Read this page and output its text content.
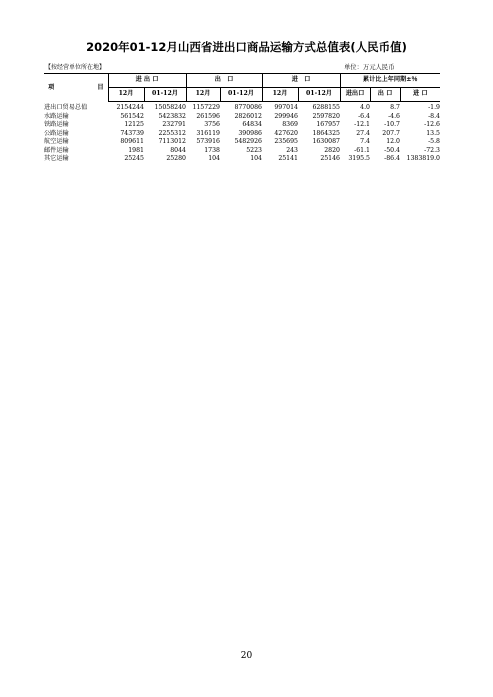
2020年01-12月山西省进出口商品运输方式总值表(人民币值)
【按经营单位所在地】	单位：万元人民币
项 目	进 出 口		出　口		进　口		累计比上年同期±％		
	12月	01-12月	12月	01-12月	12月	01-12月	进出口	出 口	进 口
进出口贸易总值	2154244	15058240	1157229	8770086	997014	6288155	4.0	8.7	-1.9
水路运输	561542	5423832	261596	2826012	299946	2597820	-6.4	-4.6	-8.4
铁路运输	12125	232791	3756	64834	8369	167957	-12.1	-10.7	-12.6
公路运输	743739	2255312	316119	390986	427620	1864325	27.4	207.7	13.5
航空运输	809611	7113012	573916	5482926	235695	1630087	7.4	12.0	-5.8
邮件运输	1981	8044	1738	5223	243	2820	-61.1	-50.4	-72.3
其它运输	25245	25280	104	104	25141	25146	3195.5	-86.4	1383819.0
20
